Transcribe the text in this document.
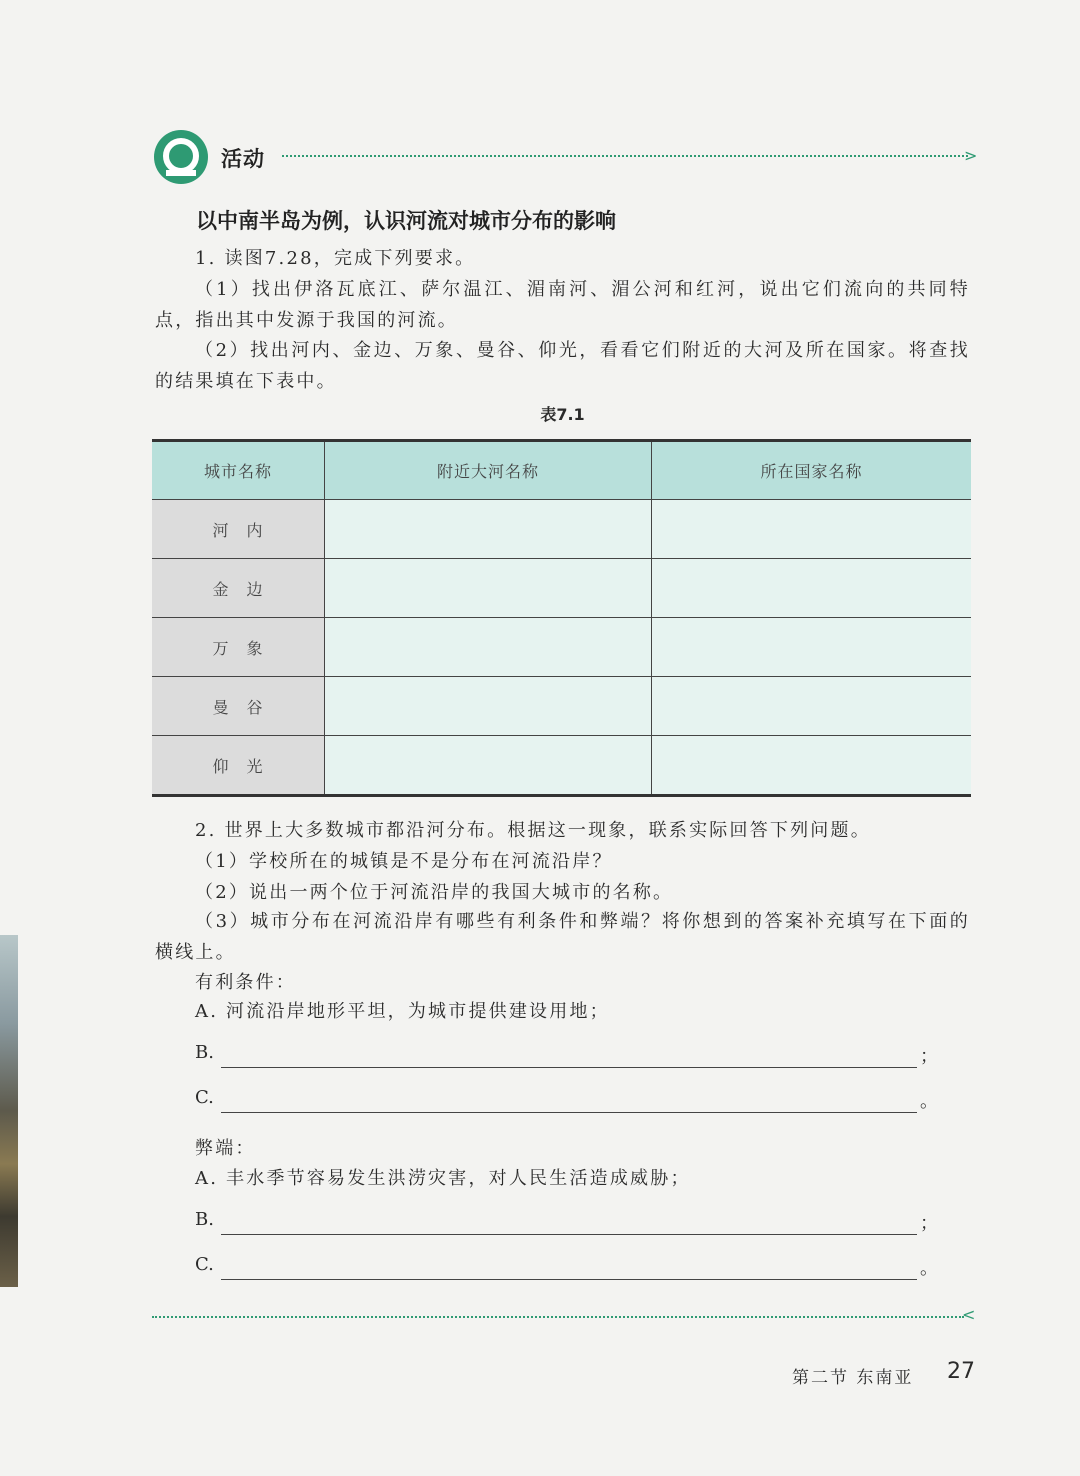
活动	>
以中南半岛为例，认识河流对城市分布的影响
1. 读图7.28，完成下列要求。
（1）找出伊洛瓦底江、萨尔温江、湄南河、湄公河和红河，说出它们流向的共同特点，指出其中发源于我国的河流。
（2）找出河内、金边、万象、曼谷、仰光，看看它们附近的大河及所在国家。将查找的结果填在下表中。
表7.1
城市名称	附近大河名称	所在国家名称
河内		
金边		
万象		
曼谷		
仰光		
2. 世界上大多数城市都沿河分布。根据这一现象，联系实际回答下列问题。
（1）学校所在的城镇是不是分布在河流沿岸？
（2）说出一两个位于河流沿岸的我国大城市的名称。
（3）城市分布在河流沿岸有哪些有利条件和弊端？将你想到的答案补充填写在下面的横线上。
有利条件：
A. 河流沿岸地形平坦，为城市提供建设用地；
B.	；
C.	。
弊端：
A. 丰水季节容易发生洪涝灾害，对人民生活造成威胁；
B.	；
C.	。
<
第二节 东南亚 27
